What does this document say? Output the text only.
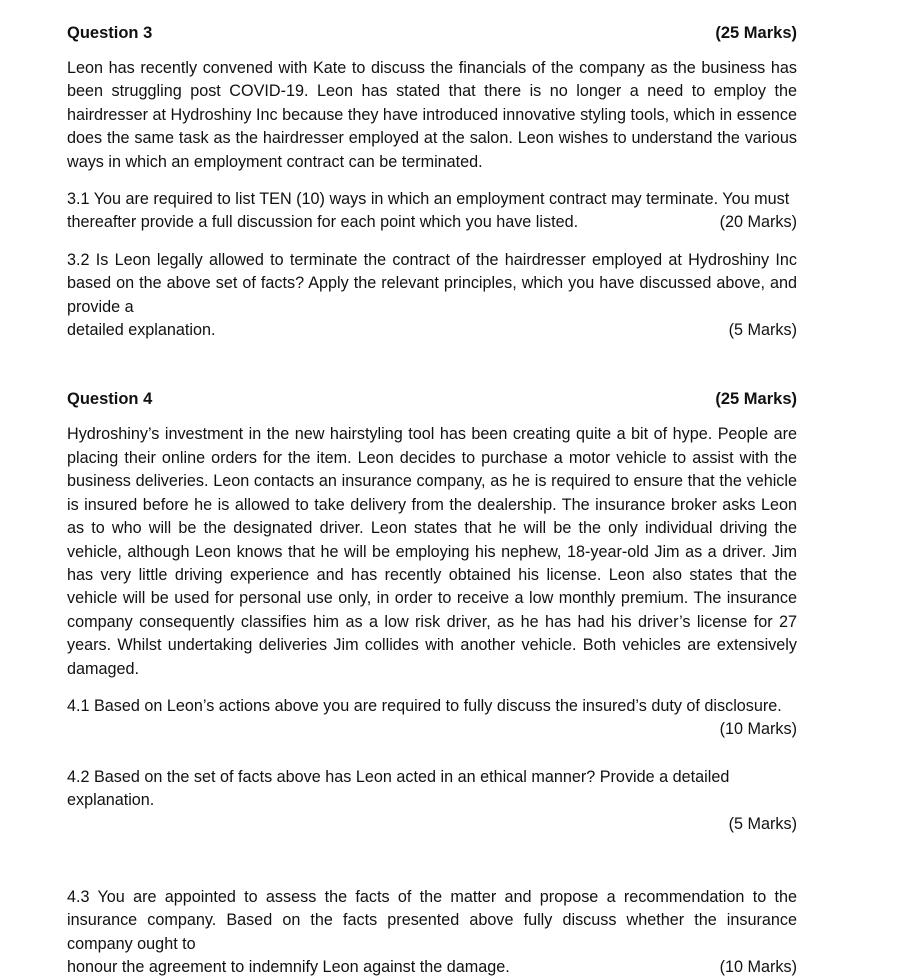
Question 3	(25 Marks)

Leon has recently convened with Kate to discuss the financials of the company as the business has been struggling post COVID-19. Leon has stated that there is no longer a need to employ the hairdresser at Hydroshiny Inc because they have introduced innovative styling tools, which in essence does the same task as the hairdresser employed at the salon. Leon wishes to understand the various ways in which an employment contract can be terminated.

3.1 You are required to list TEN (10) ways in which an employment contract may terminate. You must

thereafter provide a full discussion for each point which you have listed.	(20 Marks)

3.2 Is Leon legally allowed to terminate the contract of the hairdresser employed at Hydroshiny Inc based on the above set of facts? Apply the relevant principles, which you have discussed above, and provide a

detailed explanation.	(5 Marks)
Question 4	(25 Marks)

Hydroshiny’s investment in the new hairstyling tool has been creating quite a bit of hype. People are placing their online orders for the item. Leon decides to purchase a motor vehicle to assist with the business deliveries. Leon contacts an insurance company, as he is required to ensure that the vehicle is insured before he is allowed to take delivery from the dealership. The insurance broker asks Leon as to who will be the designated driver. Leon states that he will be the only individual driving the vehicle, although Leon knows that he will be employing his nephew, 18-year-old Jim as a driver. Jim has very little driving experience and has recently obtained his license. Leon also states that the vehicle will be used for personal use only, in order to receive a low monthly premium. The insurance company consequently classifies him as a low risk driver, as he has had his driver’s license for 27 years. Whilst undertaking deliveries Jim collides with another vehicle. Both vehicles are extensively damaged.

4.1 Based on Leon’s actions above you are required to fully discuss the insured’s duty of disclosure.

(10 Marks)

4.2 Based on the set of facts above has Leon acted in an ethical manner? Provide a detailed explanation.

(5 Marks)

4.3 You are appointed to assess the facts of the matter and propose a recommendation to the insurance company. Based on the facts presented above fully discuss whether the insurance company ought to

honour the agreement to indemnify Leon against the damage.	(10 Marks)
